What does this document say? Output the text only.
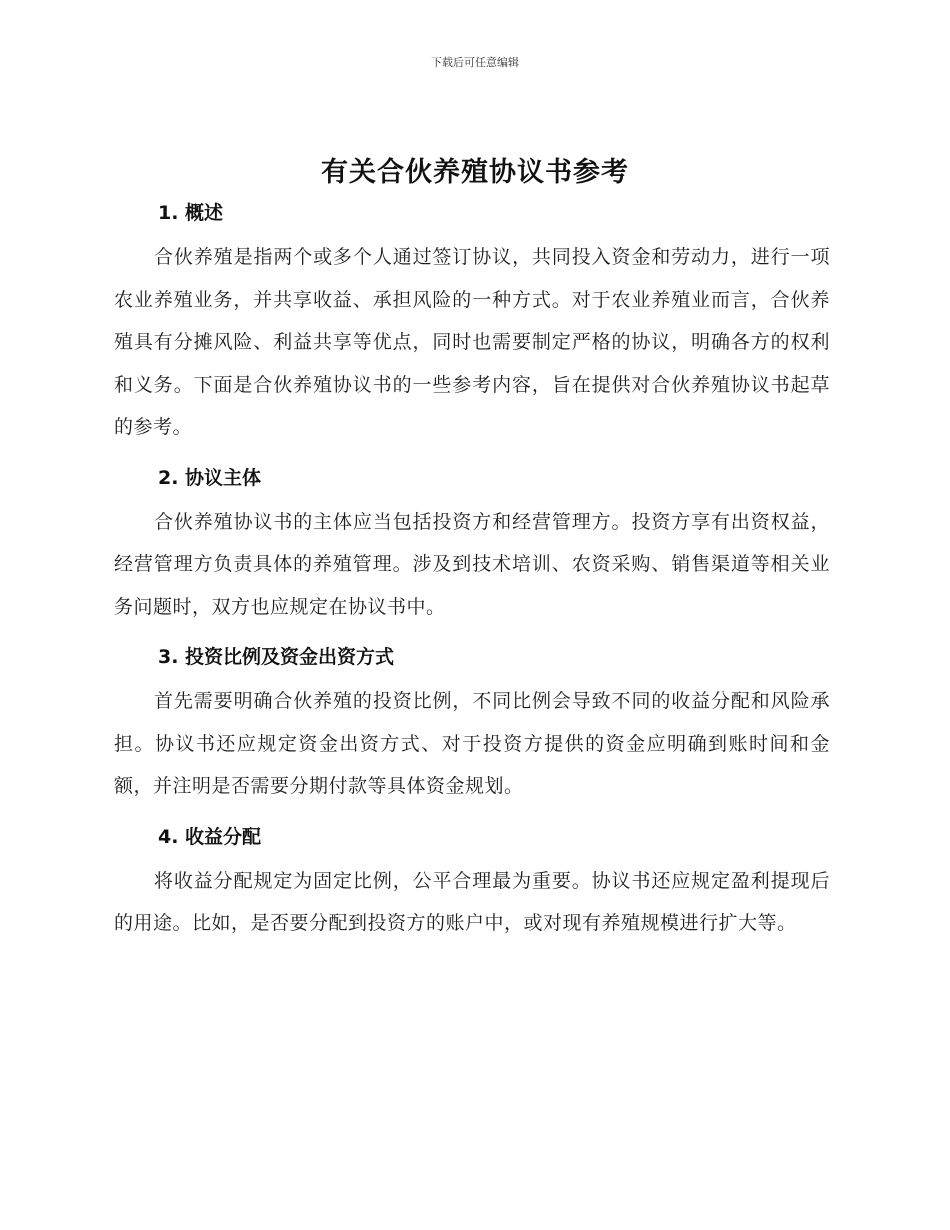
下载后可任意编辑
有关合伙养殖协议书参考
1. 概述

合伙养殖是指两个或多个人通过签订协议，共同投入资金和劳动力，进行一项农业养殖业务，并共享收益、承担风险的一种方式。对于农业养殖业而言，合伙养殖具有分摊风险、利益共享等优点，同时也需要制定严格的协议，明确各方的权利和义务。下面是合伙养殖协议书的一些参考内容，旨在提供对合伙养殖协议书起草的参考。

2. 协议主体

合伙养殖协议书的主体应当包括投资方和经营管理方。投资方享有出资权益，经营管理方负责具体的养殖管理。涉及到技术培训、农资采购、销售渠道等相关业务问题时，双方也应规定在协议书中。

3. 投资比例及资金出资方式

首先需要明确合伙养殖的投资比例，不同比例会导致不同的收益分配和风险承担。协议书还应规定资金出资方式、对于投资方提供的资金应明确到账时间和金额，并注明是否需要分期付款等具体资金规划。

4. 收益分配

将收益分配规定为固定比例，公平合理最为重要。协议书还应规定盈利提现后的用途。比如，是否要分配到投资方的账户中，或对现有养殖规模进行扩大等。
